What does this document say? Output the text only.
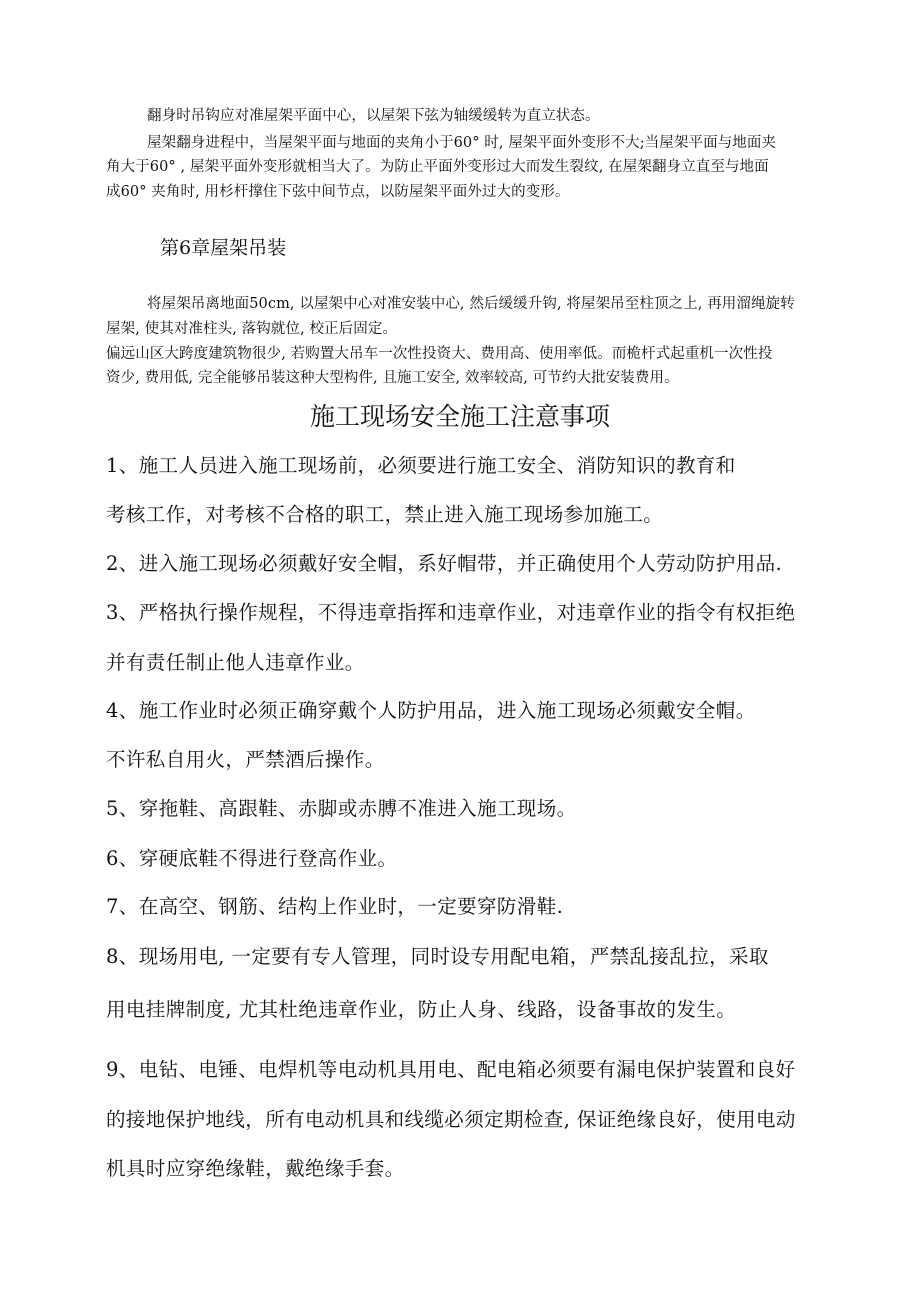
翻身时吊钩应对准屋架平面中心，以屋架下弦为轴缓缓转为直立状态。

屋架翻身进程中，当屋架平面与地面的夹角小于60° 时, 屋架平面外变形不大;当屋架平面与地面夹

角大于60° , 屋架平面外变形就相当大了。为防止平面外变形过大而发生裂纹, 在屋架翻身立直至与地面

成60° 夹角时, 用杉杆撑住下弦中间节点，以防屋架平面外过大的变形。

第6章屋架吊装

将屋架吊离地面50cm, 以屋架中心对准安装中心, 然后缓缓升钩, 将屋架吊至柱顶之上, 再用溜绳旋转

屋架, 使其对准柱头, 落钩就位, 校正后固定。

偏远山区大跨度建筑物很少, 若购置大吊车一次性投资大、费用高、使用率低。而桅杆式起重机一次性投

资少, 费用低, 完全能够吊装这种大型构件, 且施工安全, 效率较高, 可节约大批安装费用。

施工现场安全施工注意事项

1、施工人员进入施工现场前，必须要进行施工安全、消防知识的教育和

考核工作，对考核不合格的职工，禁止进入施工现场参加施工。

2、进入施工现场必须戴好安全帽，系好帽带，并正确使用个人劳动防护用品.

3、严格执行操作规程，不得违章指挥和违章作业，对违章作业的指令有权拒绝

并有责任制止他人违章作业。

4、施工作业时必须正确穿戴个人防护用品，进入施工现场必须戴安全帽。

不许私自用火，严禁酒后操作。

5、穿拖鞋、高跟鞋、赤脚或赤膊不准进入施工现场。

6、穿硬底鞋不得进行登高作业。

7、在高空、钢筋、结构上作业时，一定要穿防滑鞋.

8、现场用电, 一定要有专人管理，同时设专用配电箱，严禁乱接乱拉，采取

用电挂牌制度, 尤其杜绝违章作业，防止人身、线路，设备事故的发生。

9、电钻、电锤、电焊机等电动机具用电、配电箱必须要有漏电保护装置和良好

的接地保护地线，所有电动机具和线缆必须定期检查, 保证绝缘良好，使用电动

机具时应穿绝缘鞋，戴绝缘手套。
